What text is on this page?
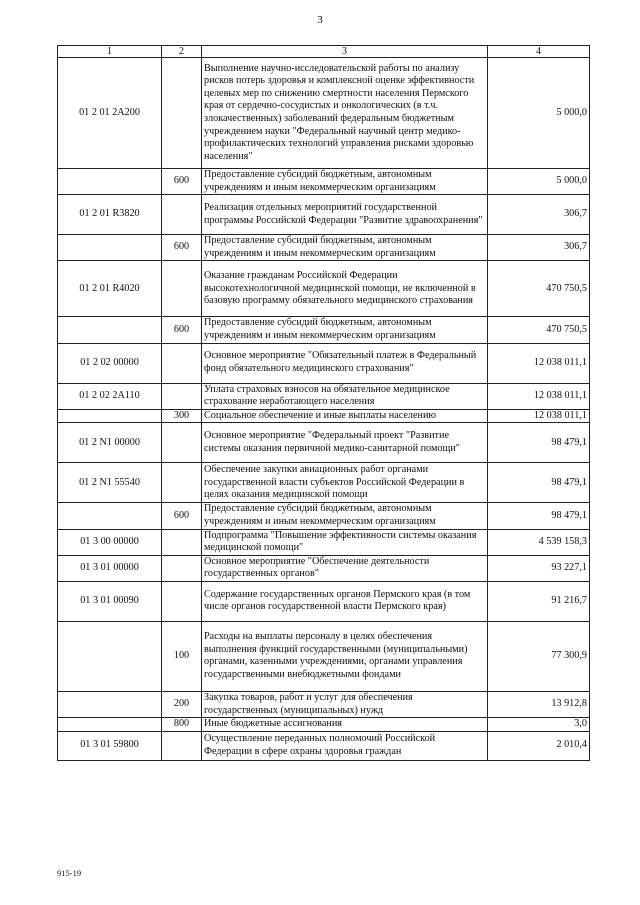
3
1	2	3	4
01 2 01 2А200		Выполнение научно-исследовательской работы по анализу рисков потерь здоровья и комплексной оценке эффективности целевых мер по снижению смертности населения Пермского края от сердечно-сосудистых и онкологических (в т.ч. злокачественных) заболеваний федеральным бюджетным учреждением науки "Федеральный научный центр медико-профилактических технологий управления рисками здоровью населения"	5 000,0
	600	Предоставление субсидий бюджетным, автономным учреждениям и иным некоммерческим организациям	5 000,0
01 2 01 R3820		Реализация отдельных мероприятий государственной программы Российской Федерации "Развитие здравоохранения"	306,7
	600	Предоставление субсидий бюджетным, автономным учреждениям и иным некоммерческим организациям	306,7
01 2 01 R4020		Оказание гражданам Российской Федерации высокотехнологичной медицинской помощи, не включенной в базовую программу обязательного медицинского страхования	470 750,5
	600	Предоставление субсидий бюджетным, автономным учреждениям и иным некоммерческим организациям	470 750,5
01 2 02 00000		Основное мероприятие "Обязательный платеж в Федеральный фонд обязательного медицинского страхования"	12 038 011,1
01 2 02 2А110		Уплата страховых взносов на обязательное медицинское страхование неработающего населения	12 038 011,1
	300	Социальное обеспечение и иные выплаты населению	12 038 011,1
01 2 N1 00000		Основное мероприятие "Федеральный проект "Развитие системы оказания первичной медико-санитарной помощи"	98 479,1
01 2 N1 55540		Обеспечение закупки авиационных работ органами государственной власти субъектов Российской Федерации в целях оказания медицинской помощи	98 479,1
	600	Предоставление субсидий бюджетным, автономным учреждениям и иным некоммерческим организациям	98 479,1
01 3 00 00000		Подпрограмма "Повышение эффективности системы оказания медицинской помощи"	4 539 158,3
01 3 01 00000		Основное мероприятие "Обеспечение деятельности государственных органов"	93 227,1
01 3 01 00090		Содержание государственных органов Пермского края (в том числе органов государственной власти Пермского края)	91 216,7
	100	Расходы на выплаты персоналу в целях обеспечения выполнения функций государственными (муниципальными) органами, казенными учреждениями, органами управления государственными внебюджетными фондами	77 300,9
	200	Закупка товаров, работ и услуг для обеспечения государственных (муниципальных) нужд	13 912,8
	800	Иные бюджетные ассигнования	3,0
01 3 01 59800		Осуществление переданных полномочий Российской Федерации в сфере охраны здоровья граждан	2 010,4
915-19
